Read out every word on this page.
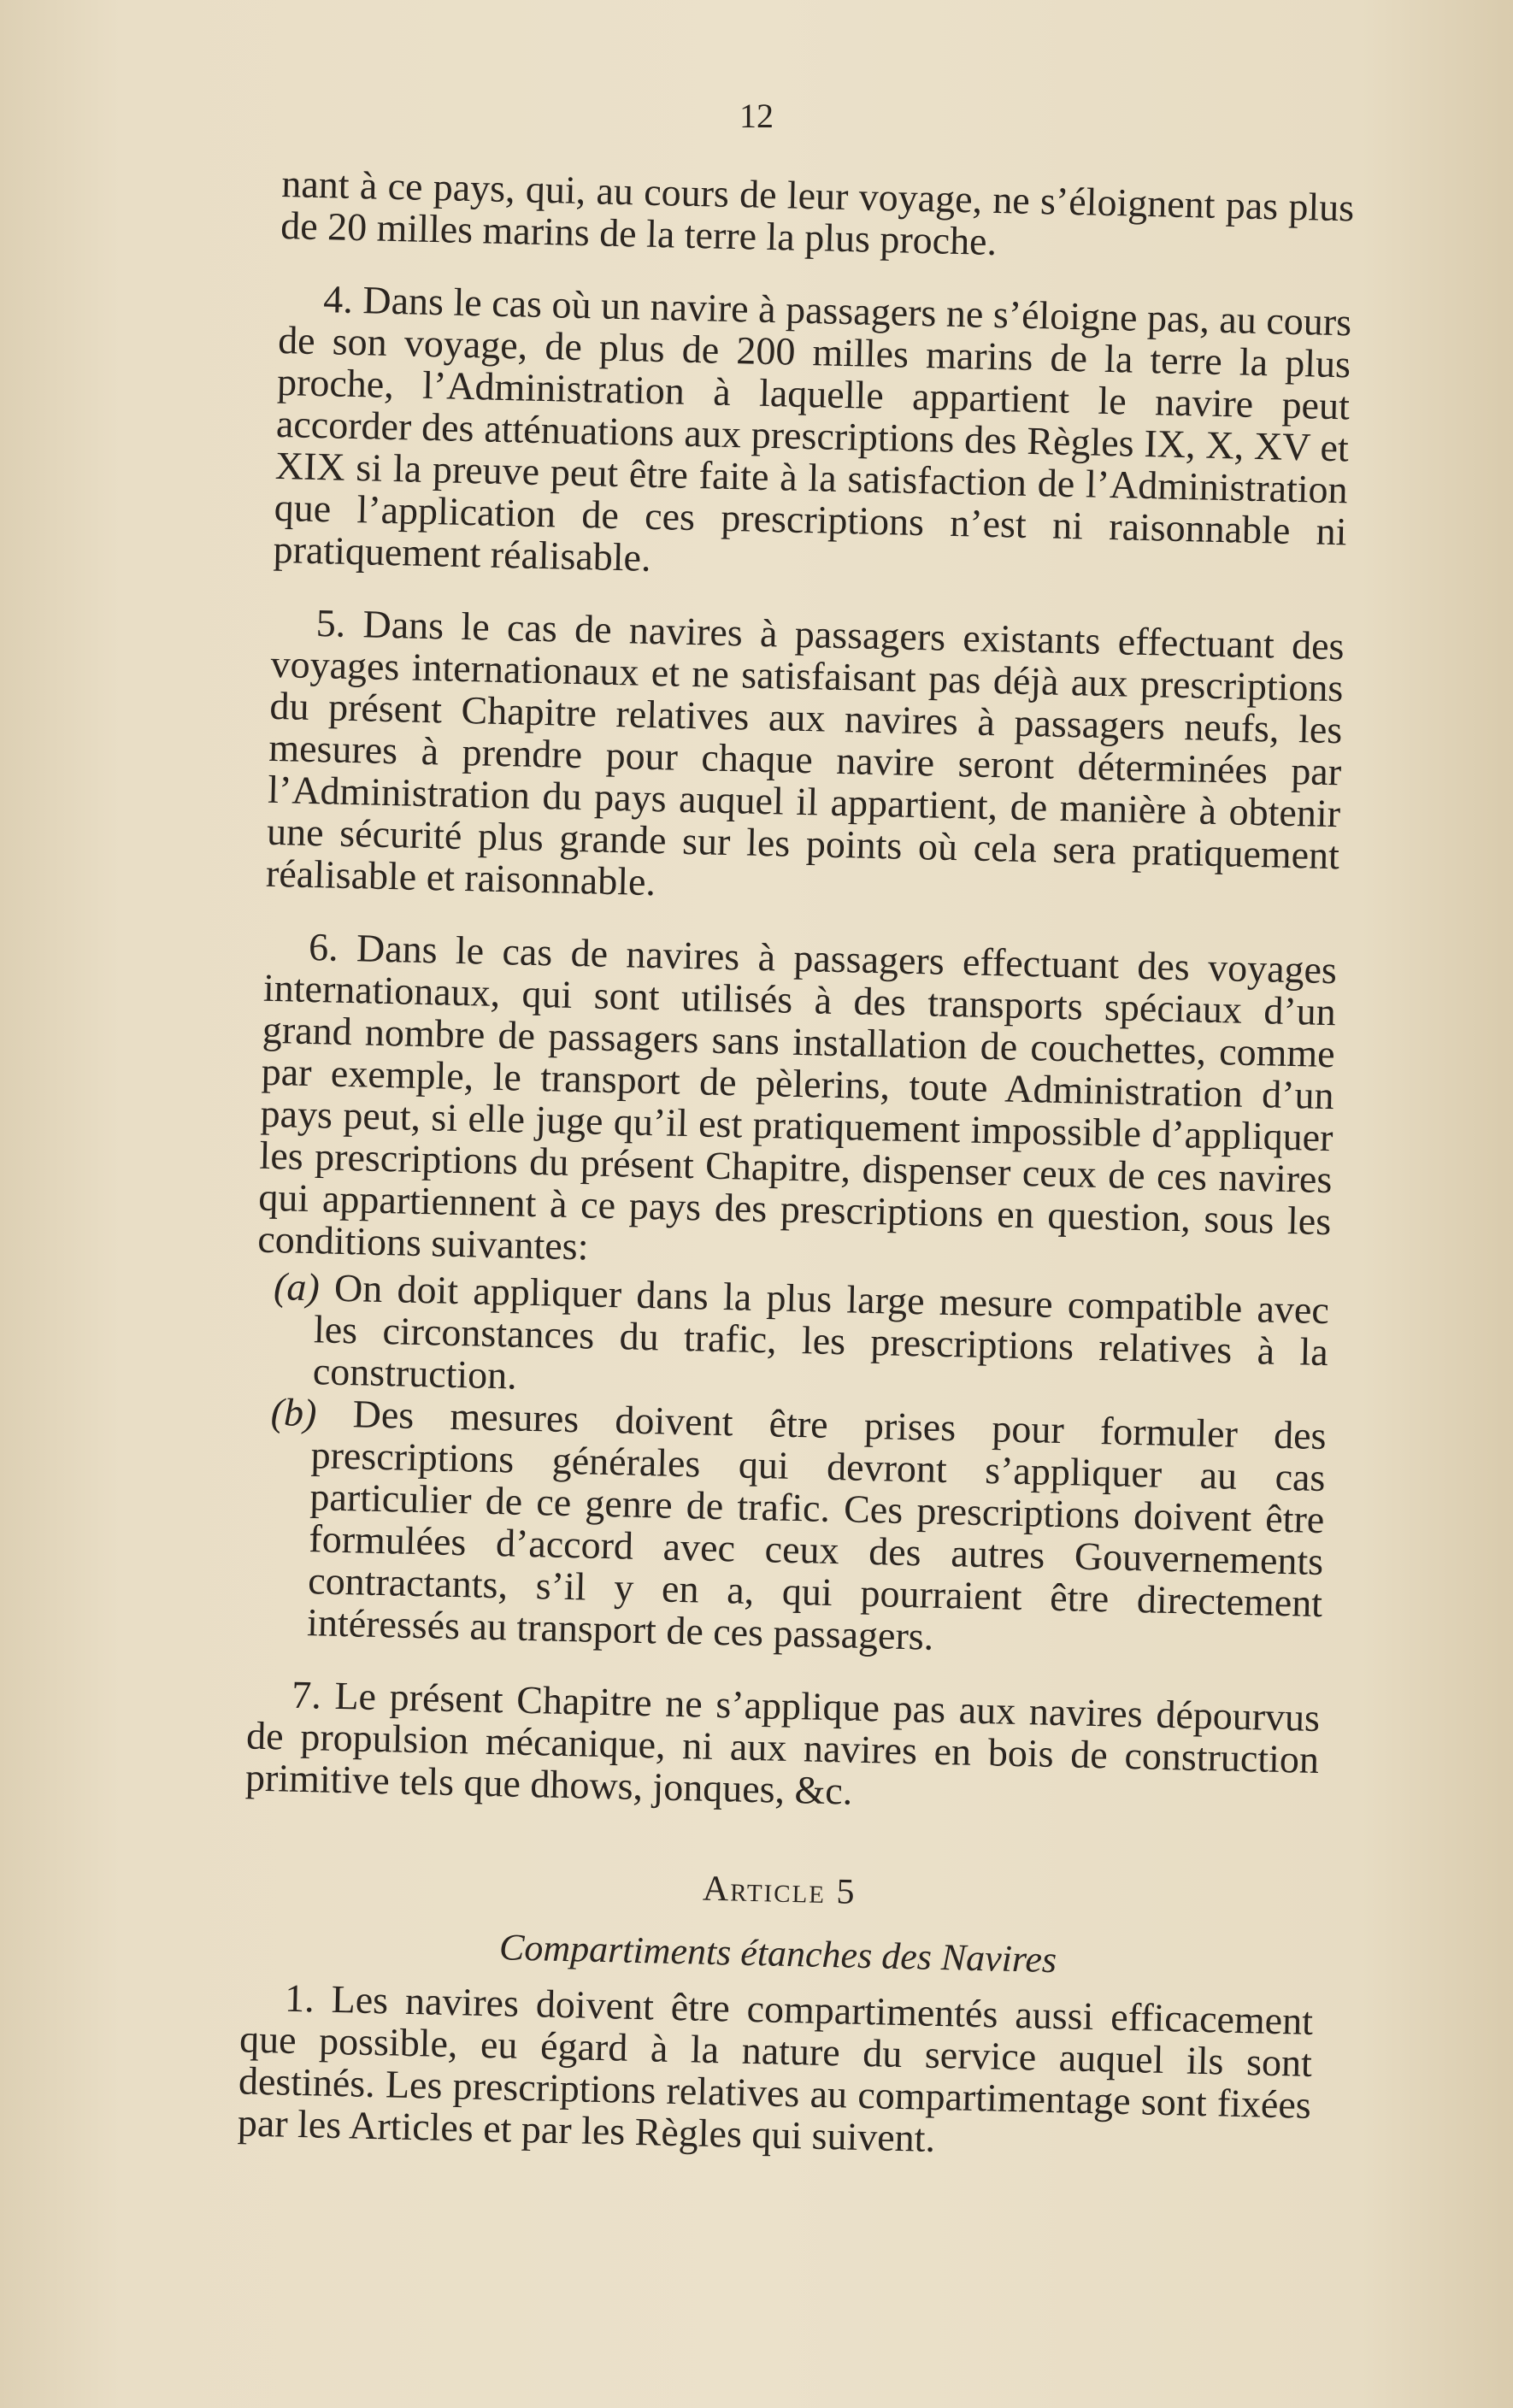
12

nant à ce pays, qui, au cours de leur voyage, ne s’éloignent pas plus de 20 milles marins de la terre la plus proche.

4. Dans le cas où un navire à passagers ne s’éloigne pas, au cours de son voyage, de plus de 200 milles marins de la terre la plus proche, l’Administration à laquelle appartient le navire peut accorder des atténuations aux prescriptions des Règles IX, X, XV et XIX si la preuve peut être faite à la satisfaction de l’Administration que l’application de ces prescriptions n’est ni raisonnable ni pratiquement réalisable.

5. Dans le cas de navires à passagers existants effectuant des voyages internationaux et ne satisfaisant pas déjà aux prescriptions du présent Chapitre relatives aux navires à passagers neufs, les mesures à prendre pour chaque navire seront déterminées par l’Administration du pays auquel il appartient, de manière à obtenir une sécurité plus grande sur les points où cela sera pratiquement réalisable et raisonnable.

6. Dans le cas de navires à passagers effectuant des voyages internationaux, qui sont utilisés à des transports spéciaux d’un grand nombre de passagers sans installation de couchettes, comme par exemple, le transport de pèlerins, toute Administration d’un pays peut, si elle juge qu’il est pratiquement impossible d’appliquer les prescriptions du présent Chapitre, dispenser ceux de ces navires qui appartiennent à ce pays des prescriptions en question, sous les conditions suivantes:

(a) On doit appliquer dans la plus large mesure compatible avec les circonstances du trafic, les prescriptions relatives à la construction.

(b) Des mesures doivent être prises pour formuler des prescriptions générales qui devront s’appliquer au cas particulier de ce genre de trafic. Ces prescriptions doivent être formulées d’accord avec ceux des autres Gouvernements contractants, s’il y en a, qui pourraient être directement intéressés au transport de ces passagers.

7. Le présent Chapitre ne s’applique pas aux navires dépourvus de propulsion mécanique, ni aux navires en bois de construction primitive tels que dhows, jonques, &c.

Article 5
Compartiments étanches des Navires

1. Les navires doivent être compartimentés aussi efficacement que possible, eu égard à la nature du service auquel ils sont destinés. Les prescriptions relatives au compartimentage sont fixées par les Articles et par les Règles qui suivent.
